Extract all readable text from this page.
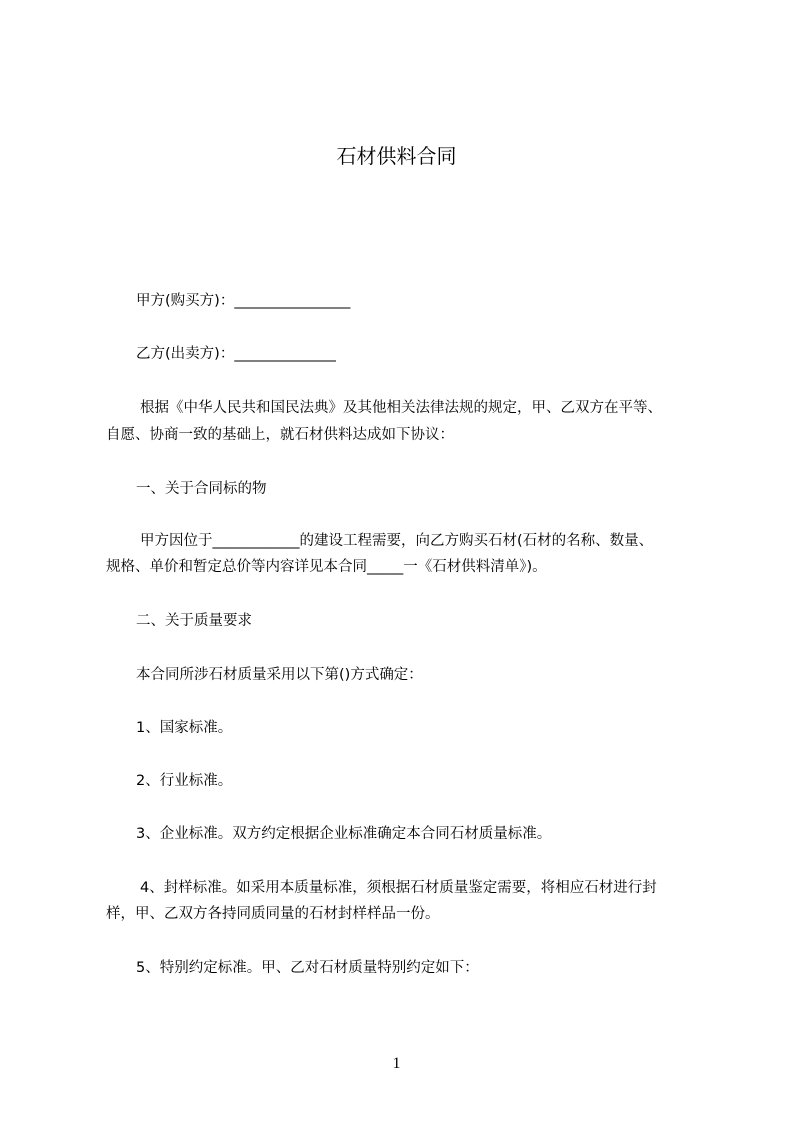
石材供料合同
甲方(购买方)：________________
乙方(出卖方)：______________
根据《中华人民共和国民法典》及其他相关法律法规的规定，甲、乙双方在平等、
自愿、协商一致的基础上，就石材供料达成如下协议：
一、关于合同标的物
甲方因位于____________的建设工程需要，向乙方购买石材(石材的名称、数量、
规格、单价和暂定总价等内容详见本合同_____一《石材供料清单》)。
二、关于质量要求
本合同所涉石材质量采用以下第()方式确定：
1、国家标准。
2、行业标准。
3、企业标准。双方约定根据企业标准确定本合同石材质量标准。
4、封样标准。如采用本质量标准，须根据石材质量鉴定需要，将相应石材进行封
样，甲、乙双方各持同质同量的石材封样样品一份。
5、特别约定标准。甲、乙对石材质量特别约定如下：
1
